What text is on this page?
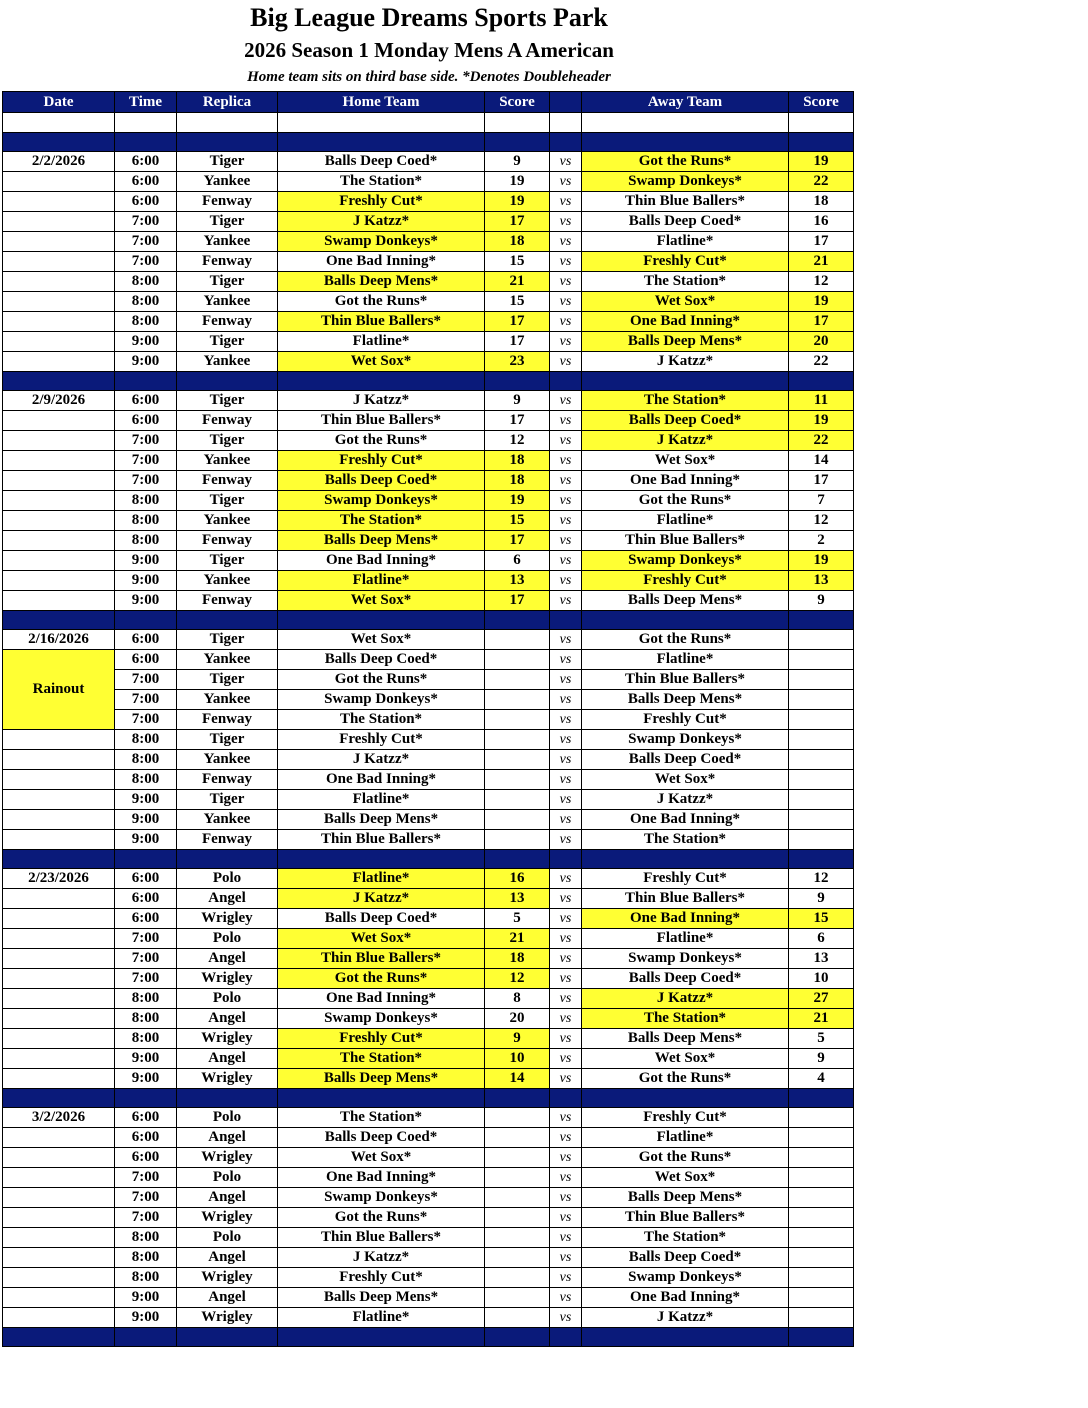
Big League Dreams Sports Park
2026 Season 1 Monday Mens A American
Home team sits on third base side. *Denotes Doubleheader
Date	Time	Replica	Home Team	Score		Away Team	Score

2/2/2026	6:00	Tiger	Balls Deep Coed*	9	vs	Got the Runs*	19
	6:00	Yankee	The Station*	19	vs	Swamp Donkeys*	22
	6:00	Fenway	Freshly Cut*	19	vs	Thin Blue Ballers*	18
	7:00	Tiger	J Katzz*	17	vs	Balls Deep Coed*	16
	7:00	Yankee	Swamp Donkeys*	18	vs	Flatline*	17
	7:00	Fenway	One Bad Inning*	15	vs	Freshly Cut*	21
	8:00	Tiger	Balls Deep Mens*	21	vs	The Station*	12
	8:00	Yankee	Got the Runs*	15	vs	Wet Sox*	19
	8:00	Fenway	Thin Blue Ballers*	17	vs	One Bad Inning*	17
	9:00	Tiger	Flatline*	17	vs	Balls Deep Mens*	20
	9:00	Yankee	Wet Sox*	23	vs	J Katzz*	22

2/9/2026	6:00	Tiger	J Katzz*	9	vs	The Station*	11
	6:00	Fenway	Thin Blue Ballers*	17	vs	Balls Deep Coed*	19
	7:00	Tiger	Got the Runs*	12	vs	J Katzz*	22
	7:00	Yankee	Freshly Cut*	18	vs	Wet Sox*	14
	7:00	Fenway	Balls Deep Coed*	18	vs	One Bad Inning*	17
	8:00	Tiger	Swamp Donkeys*	19	vs	Got the Runs*	7
	8:00	Yankee	The Station*	15	vs	Flatline*	12
	8:00	Fenway	Balls Deep Mens*	17	vs	Thin Blue Ballers*	2
	9:00	Tiger	One Bad Inning*	6	vs	Swamp Donkeys*	19
	9:00	Yankee	Flatline*	13	vs	Freshly Cut*	13
	9:00	Fenway	Wet Sox*	17	vs	Balls Deep Mens*	9

2/16/2026	6:00	Tiger	Wet Sox*		vs	Got the Runs*	
Rainout	6:00	Yankee	Balls Deep Coed*		vs	Flatline*	
	7:00	Tiger	Got the Runs*		vs	Thin Blue Ballers*	
	7:00	Yankee	Swamp Donkeys*		vs	Balls Deep Mens*	
	7:00	Fenway	The Station*		vs	Freshly Cut*	
	8:00	Tiger	Freshly Cut*		vs	Swamp Donkeys*	
	8:00	Yankee	J Katzz*		vs	Balls Deep Coed*	
	8:00	Fenway	One Bad Inning*		vs	Wet Sox*	
	9:00	Tiger	Flatline*		vs	J Katzz*	
	9:00	Yankee	Balls Deep Mens*		vs	One Bad Inning*	
	9:00	Fenway	Thin Blue Ballers*		vs	The Station*	

2/23/2026	6:00	Polo	Flatline*	16	vs	Freshly Cut*	12
	6:00	Angel	J Katzz*	13	vs	Thin Blue Ballers*	9
	6:00	Wrigley	Balls Deep Coed*	5	vs	One Bad Inning*	15
	7:00	Polo	Wet Sox*	21	vs	Flatline*	6
	7:00	Angel	Thin Blue Ballers*	18	vs	Swamp Donkeys*	13
	7:00	Wrigley	Got the Runs*	12	vs	Balls Deep Coed*	10
	8:00	Polo	One Bad Inning*	8	vs	J Katzz*	27
	8:00	Angel	Swamp Donkeys*	20	vs	The Station*	21
	8:00	Wrigley	Freshly Cut*	9	vs	Balls Deep Mens*	5
	9:00	Angel	The Station*	10	vs	Wet Sox*	9
	9:00	Wrigley	Balls Deep Mens*	14	vs	Got the Runs*	4

3/2/2026	6:00	Polo	The Station*		vs	Freshly Cut*	
	6:00	Angel	Balls Deep Coed*		vs	Flatline*	
	6:00	Wrigley	Wet Sox*		vs	Got the Runs*	
	7:00	Polo	One Bad Inning*		vs	Wet Sox*	
	7:00	Angel	Swamp Donkeys*		vs	Balls Deep Mens*	
	7:00	Wrigley	Got the Runs*		vs	Thin Blue Ballers*	
	8:00	Polo	Thin Blue Ballers*		vs	The Station*	
	8:00	Angel	J Katzz*		vs	Balls Deep Coed*	
	8:00	Wrigley	Freshly Cut*		vs	Swamp Donkeys*	
	9:00	Angel	Balls Deep Mens*		vs	One Bad Inning*	
	9:00	Wrigley	Flatline*		vs	J Katzz*	
